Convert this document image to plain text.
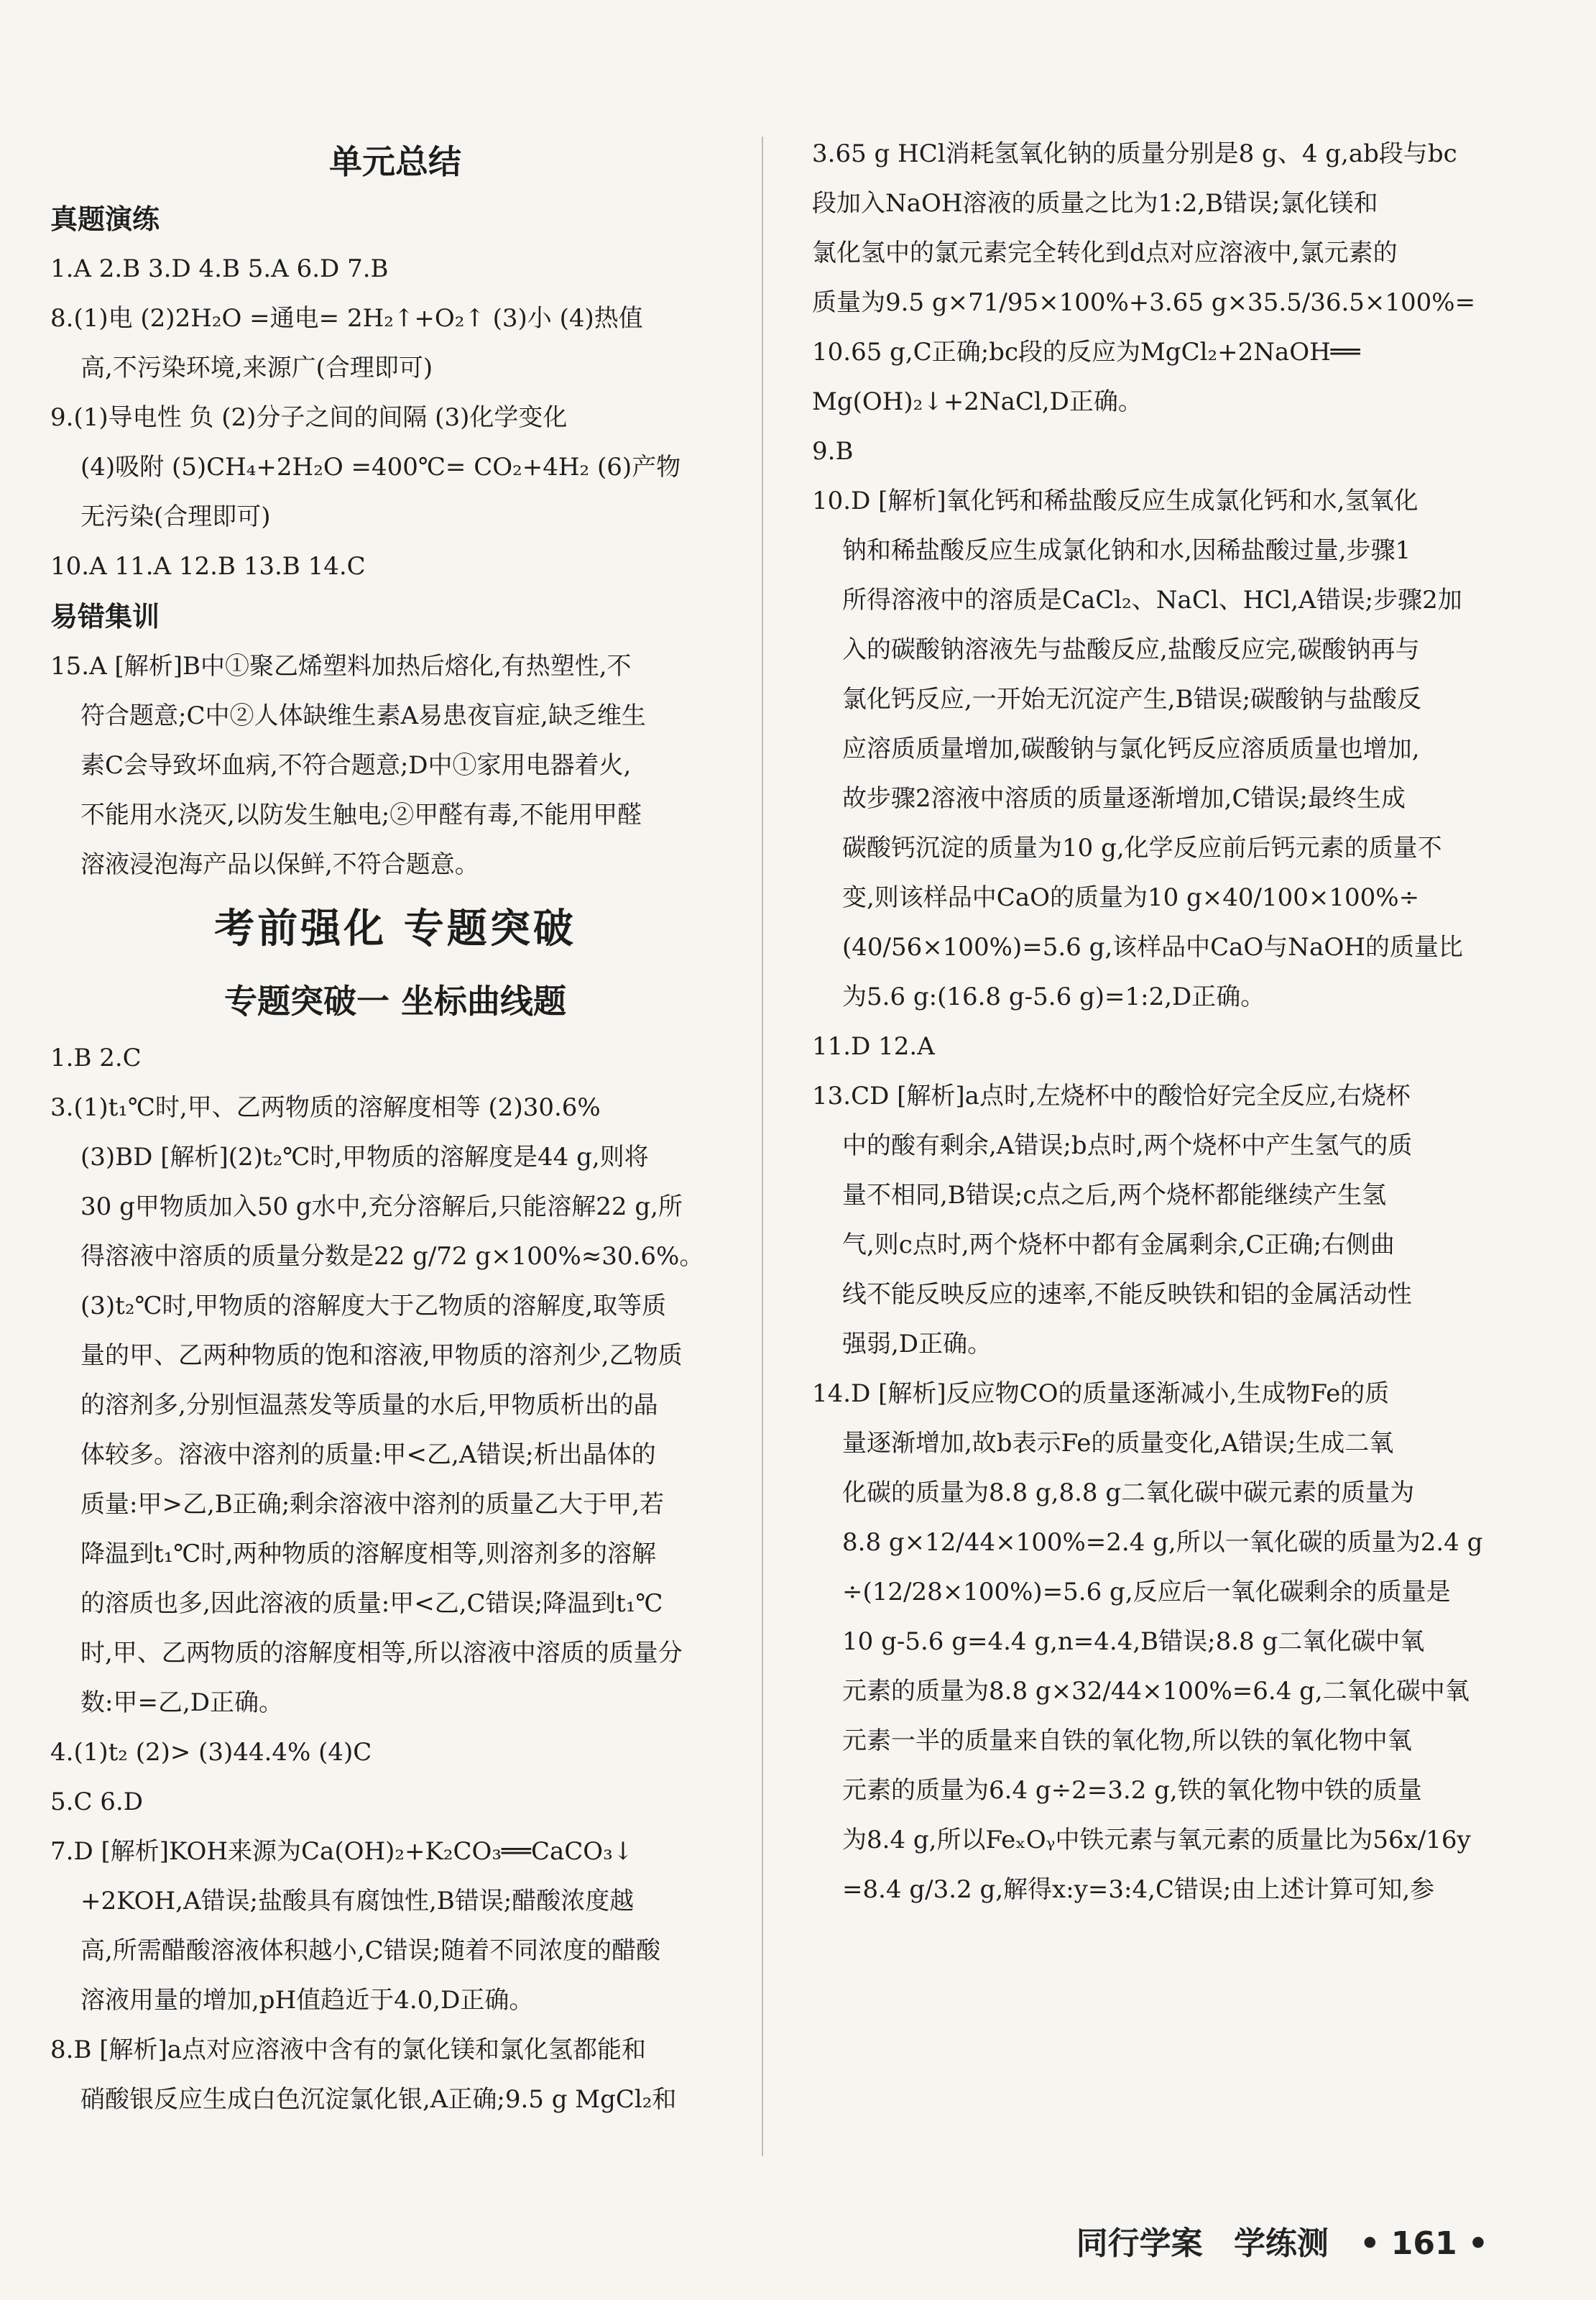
单元总结

真题演练

1.A 2.B 3.D 4.B 5.A 6.D 7.B

8.(1)电 (2)2H₂O =通电= 2H₂↑+O₂↑ (3)小 (4)热值

高,不污染环境,来源广(合理即可)

9.(1)导电性 负 (2)分子之间的间隔 (3)化学变化

(4)吸附 (5)CH₄+2H₂O =400℃= CO₂+4H₂ (6)产物

无污染(合理即可)

10.A 11.A 12.B 13.B 14.C

易错集训

15.A [解析]B中①聚乙烯塑料加热后熔化,有热塑性,不

符合题意;C中②人体缺维生素A易患夜盲症,缺乏维生

素C会导致坏血病,不符合题意;D中①家用电器着火,

不能用水浇灭,以防发生触电;②甲醛有毒,不能用甲醛

溶液浸泡海产品以保鲜,不符合题意。

考前强化 专题突破

专题突破一 坐标曲线题

1.B 2.C

3.(1)t₁℃时,甲、乙两物质的溶解度相等 (2)30.6%

(3)BD [解析](2)t₂℃时,甲物质的溶解度是44 g,则将

30 g甲物质加入50 g水中,充分溶解后,只能溶解22 g,所

得溶液中溶质的质量分数是22 g/72 g×100%≈30.6%。

(3)t₂℃时,甲物质的溶解度大于乙物质的溶解度,取等质

量的甲、乙两种物质的饱和溶液,甲物质的溶剂少,乙物质

的溶剂多,分别恒温蒸发等质量的水后,甲物质析出的晶

体较多。溶液中溶剂的质量:甲<乙,A错误;析出晶体的

质量:甲>乙,B正确;剩余溶液中溶剂的质量乙大于甲,若

降温到t₁℃时,两种物质的溶解度相等,则溶剂多的溶解

的溶质也多,因此溶液的质量:甲<乙,C错误;降温到t₁℃

时,甲、乙两物质的溶解度相等,所以溶液中溶质的质量分

数:甲=乙,D正确。

4.(1)t₂ (2)> (3)44.4% (4)C

5.C 6.D

7.D [解析]KOH来源为Ca(OH)₂+K₂CO₃══CaCO₃↓

+2KOH,A错误;盐酸具有腐蚀性,B错误;醋酸浓度越

高,所需醋酸溶液体积越小,C错误;随着不同浓度的醋酸

溶液用量的增加,pH值趋近于4.0,D正确。

8.B [解析]a点对应溶液中含有的氯化镁和氯化氢都能和

硝酸银反应生成白色沉淀氯化银,A正确;9.5 g MgCl₂和

3.65 g HCl消耗氢氧化钠的质量分别是8 g、4 g,ab段与bc

段加入NaOH溶液的质量之比为1:2,B错误;氯化镁和

氯化氢中的氯元素完全转化到d点对应溶液中,氯元素的

质量为9.5 g×71/95×100%+3.65 g×35.5/36.5×100%=

10.65 g,C正确;bc段的反应为MgCl₂+2NaOH══

Mg(OH)₂↓+2NaCl,D正确。

9.B

10.D [解析]氧化钙和稀盐酸反应生成氯化钙和水,氢氧化

钠和稀盐酸反应生成氯化钠和水,因稀盐酸过量,步骤1

所得溶液中的溶质是CaCl₂、NaCl、HCl,A错误;步骤2加

入的碳酸钠溶液先与盐酸反应,盐酸反应完,碳酸钠再与

氯化钙反应,一开始无沉淀产生,B错误;碳酸钠与盐酸反

应溶质质量增加,碳酸钠与氯化钙反应溶质质量也增加,

故步骤2溶液中溶质的质量逐渐增加,C错误;最终生成

碳酸钙沉淀的质量为10 g,化学反应前后钙元素的质量不

变,则该样品中CaO的质量为10 g×40/100×100%÷

(40/56×100%)=5.6 g,该样品中CaO与NaOH的质量比

为5.6 g:(16.8 g-5.6 g)=1:2,D正确。

11.D 12.A

13.CD [解析]a点时,左烧杯中的酸恰好完全反应,右烧杯

中的酸有剩余,A错误;b点时,两个烧杯中产生氢气的质

量不相同,B错误;c点之后,两个烧杯都能继续产生氢

气,则c点时,两个烧杯中都有金属剩余,C正确;右侧曲

线不能反映反应的速率,不能反映铁和铝的金属活动性

强弱,D正确。

14.D [解析]反应物CO的质量逐渐减小,生成物Fe的质

量逐渐增加,故b表示Fe的质量变化,A错误;生成二氧

化碳的质量为8.8 g,8.8 g二氧化碳中碳元素的质量为

8.8 g×12/44×100%=2.4 g,所以一氧化碳的质量为2.4 g

÷(12/28×100%)=5.6 g,反应后一氧化碳剩余的质量是

10 g-5.6 g=4.4 g,n=4.4,B错误;8.8 g二氧化碳中氧

元素的质量为8.8 g×32/44×100%=6.4 g,二氧化碳中氧

元素一半的质量来自铁的氧化物,所以铁的氧化物中氧

元素的质量为6.4 g÷2=3.2 g,铁的氧化物中铁的质量

为8.4 g,所以FeₓOᵧ中铁元素与氧元素的质量比为56x/16y

=8.4 g/3.2 g,解得x:y=3:4,C错误;由上述计算可知,参

同行学案 学练测 • 161 •
